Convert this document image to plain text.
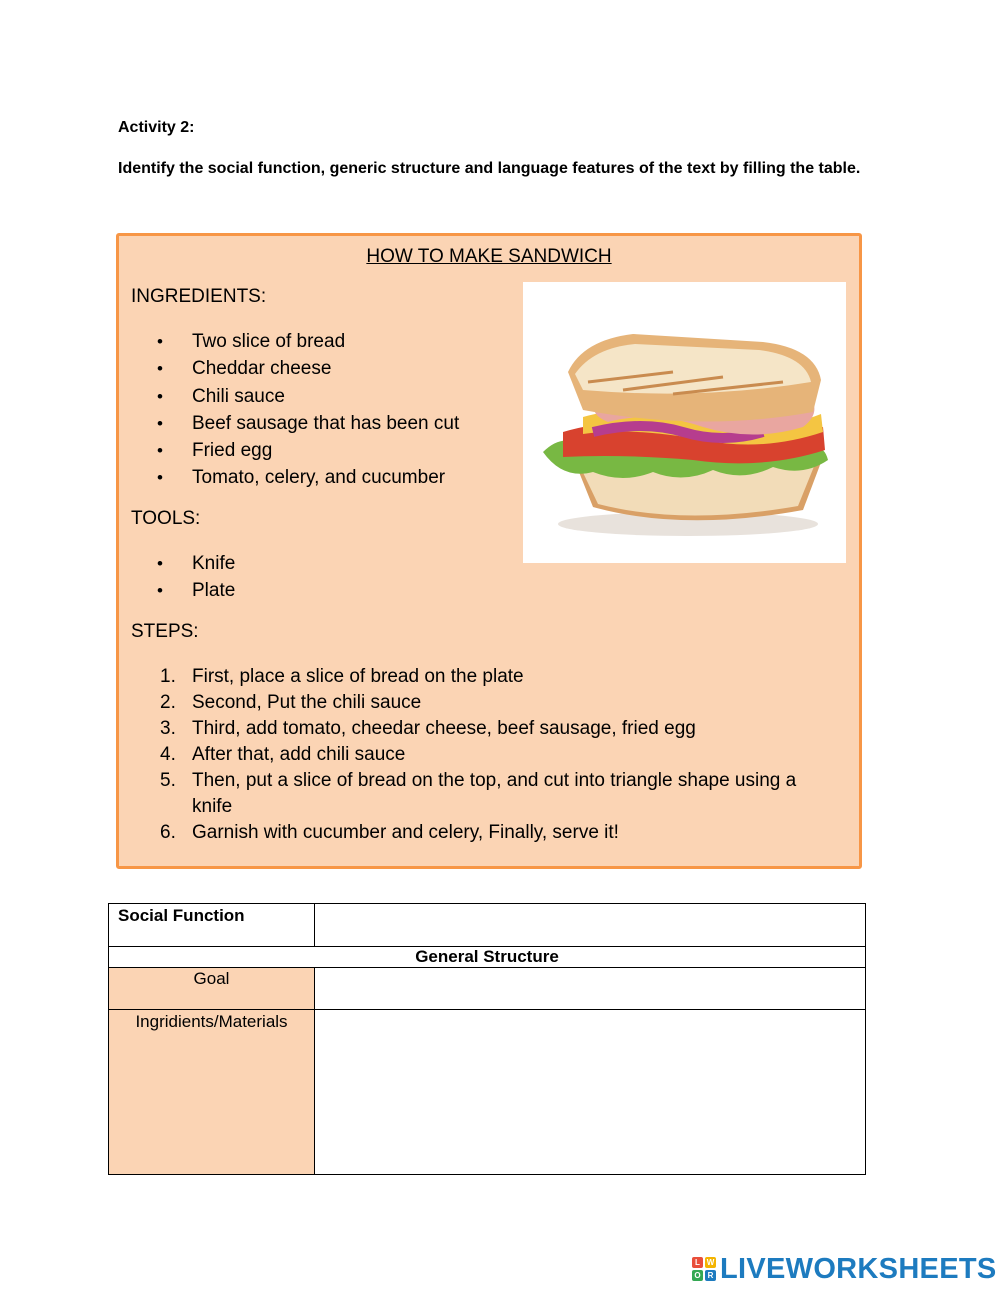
Activity 2:
Identify the social function, generic structure and language features of the text by filling the table.
HOW TO MAKE SANDWICH
INGREDIENTS:
• Two slice of bread
• Cheddar cheese
• Chili sauce
• Beef sausage that has been cut
• Fried egg
• Tomato, celery, and cucumber
TOOLS:
• Knife
• Plate
STEPS:
1. First, place a slice of bread on the plate
2. Second, Put the chili sauce
3. Third, add tomato, cheedar cheese, beef sausage, fried egg
4. After that, add chili sauce
5. Then, put a slice of bread on the top, and cut into triangle shape using a knife
6. Garnish with cucumber and celery, Finally, serve it!
Social Function	
General Structure	
Goal	
Ingridients/Materials	
L W
O R LIVEWORKSHEETS
